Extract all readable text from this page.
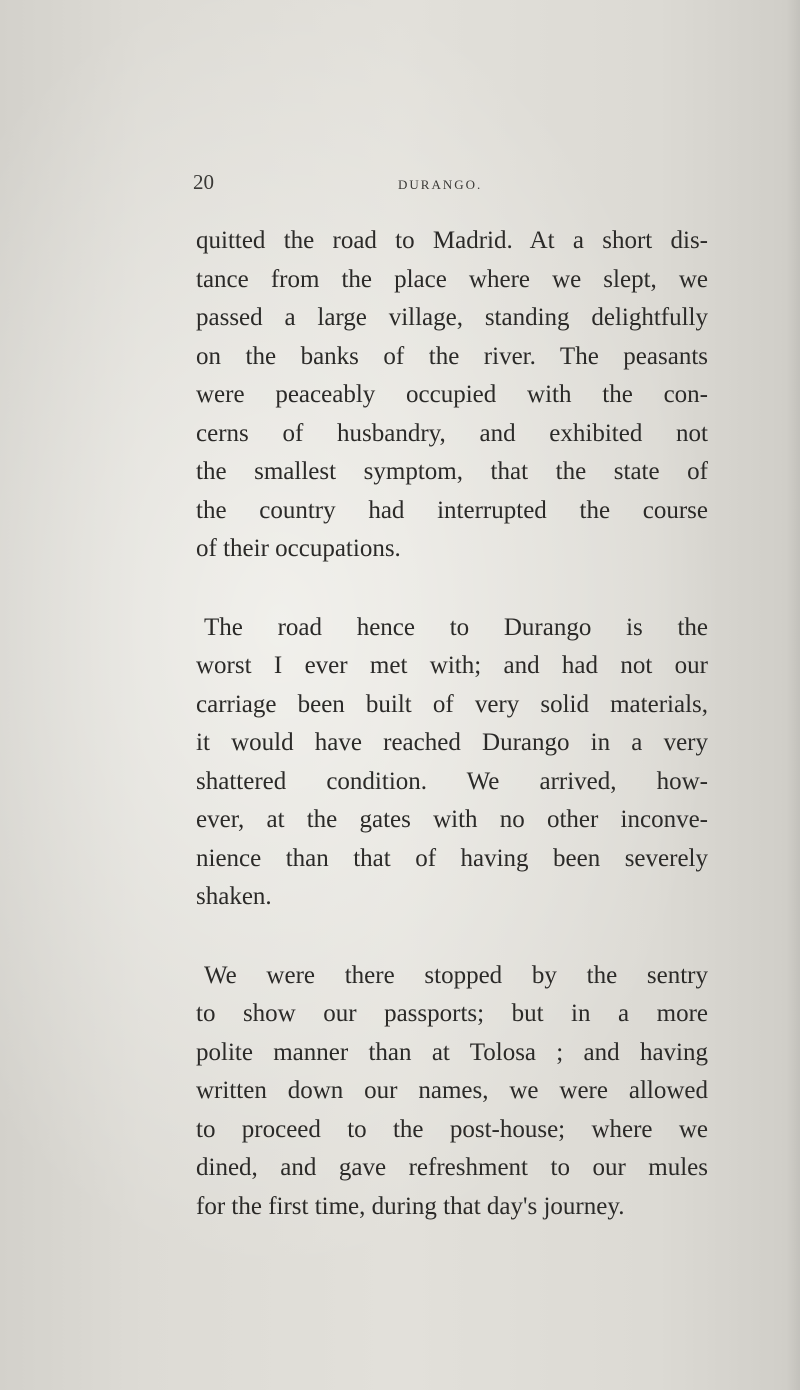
20	DURANGO.

quitted the road to Madrid. At a short dis-
tance from the place where we slept, we
passed a large village, standing delightfully
on the banks of the river. The peasants
were peaceably occupied with the con-
cerns of husbandry, and exhibited not
the smallest symptom, that the state of
the country had interrupted the course
of their occupations.

The road hence to Durango is the
worst I ever met with; and had not our
carriage been built of very solid materials,
it would have reached Durango in a very
shattered condition. We arrived, how-
ever, at the gates with no other inconve-
nience than that of having been severely
shaken.

We were there stopped by the sentry
to show our passports; but in a more
polite manner than at Tolosa ; and having
written down our names, we were allowed
to proceed to the post-house; where we
dined, and gave refreshment to our mules
for the first time, during that day's journey.
